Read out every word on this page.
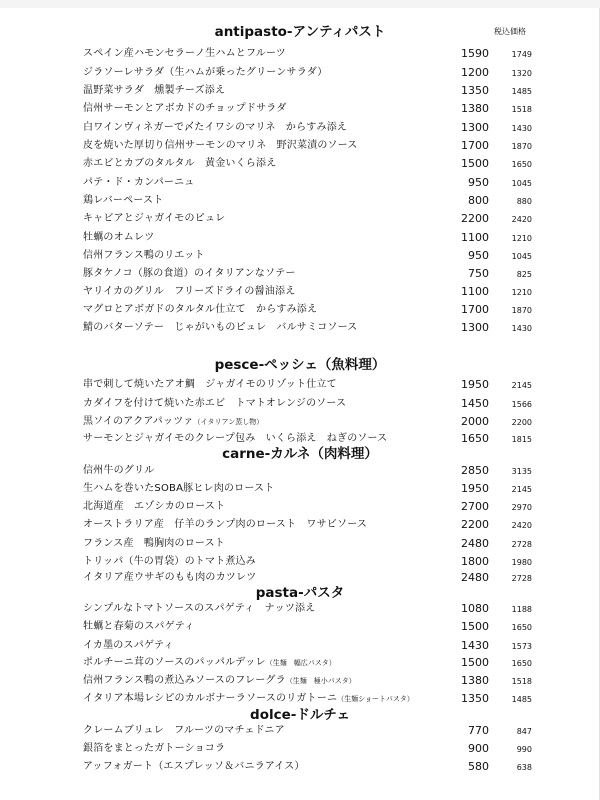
税込価格
antipasto-アンティパスト
スペイン産ハモンセラーノ生ハムとフルーツ	1590	1749
ジラソーレサラダ（生ハムが乗ったグリーンサラダ）	1200	1320
温野菜サラダ　燻製チーズ添え	1350	1485
信州サーモンとアボカドのチョップドサラダ	1380	1518
白ワインヴィネガーで〆たイワシのマリネ　からすみ添え	1300	1430
皮を焼いた厚切り信州サーモンのマリネ　野沢菜漬のソース	1700	1870
赤エビとカブのタルタル　黄金いくら添え	1500	1650
パテ・ド・カンパーニュ	950	1045
鶏レバーペースト	800	880
キャビアとジャガイモのピュレ	2200	2420
牡蠣のオムレツ	1100	1210
信州フランス鴨のリエット	950	1045
豚タケノコ（豚の食道）のイタリアンなソテー	750	825
ヤリイカのグリル　フリーズドライの醤油添え	1100	1210
マグロとアボガドのタルタル仕立て　からすみ添え	1700	1870
鯖のバターソテー　じゃがいものピュレ　バルサミコソース	1300	1430
pesce-ペッシェ（魚料理）
串で刺して焼いたアオ鯛　ジャガイモのリゾット仕立て	1950	2145
カダイフを付けて焼いた赤エビ　トマトオレンジのソース	1450	1566
黒ソイのアクアパッツァ（イタリアン蒸し物）	2000	2200
サーモンとジャガイモのクレープ包み　いくら添え　ねぎのソース	1650	1815
carne-カルネ（肉料理）
信州牛のグリル	2850	3135
生ハムを巻いたSOBA豚ヒレ肉のロースト	1950	2145
北海道産　エゾシカのロースト	2700	2970
オーストラリア産　仔羊のランプ肉のロースト　ワサビソース	2200	2420
フランス産　鴨胸肉のロースト	2480	2728
トリッパ（牛の胃袋）のトマト煮込み	1800	1980
イタリア産ウサギのもも肉のカツレツ	2480	2728
pasta-パスタ
シンプルなトマトソースのスパゲティ　ナッツ添え	1080	1188
牡蠣と春菊のスパゲティ	1500	1650
イカ墨のスパゲティ	1430	1573
ポルチーニ茸のソースのパッパルデッレ（生麺　幅広パスタ）	1500	1650
信州フランス鴨の煮込みソースのフレーグラ（生麺　極小パスタ）	1380	1518
イタリア本場レシピのカルボナーラソースのリガトーニ（生麺ショートパスタ）	1350	1485
dolce-ドルチェ
クレームブリュレ　フルーツのマチェドニア	770	847
銀箔をまとったガトーショコラ	900	990
アッフォガート（エスプレッソ＆バニラアイス）	580	638
